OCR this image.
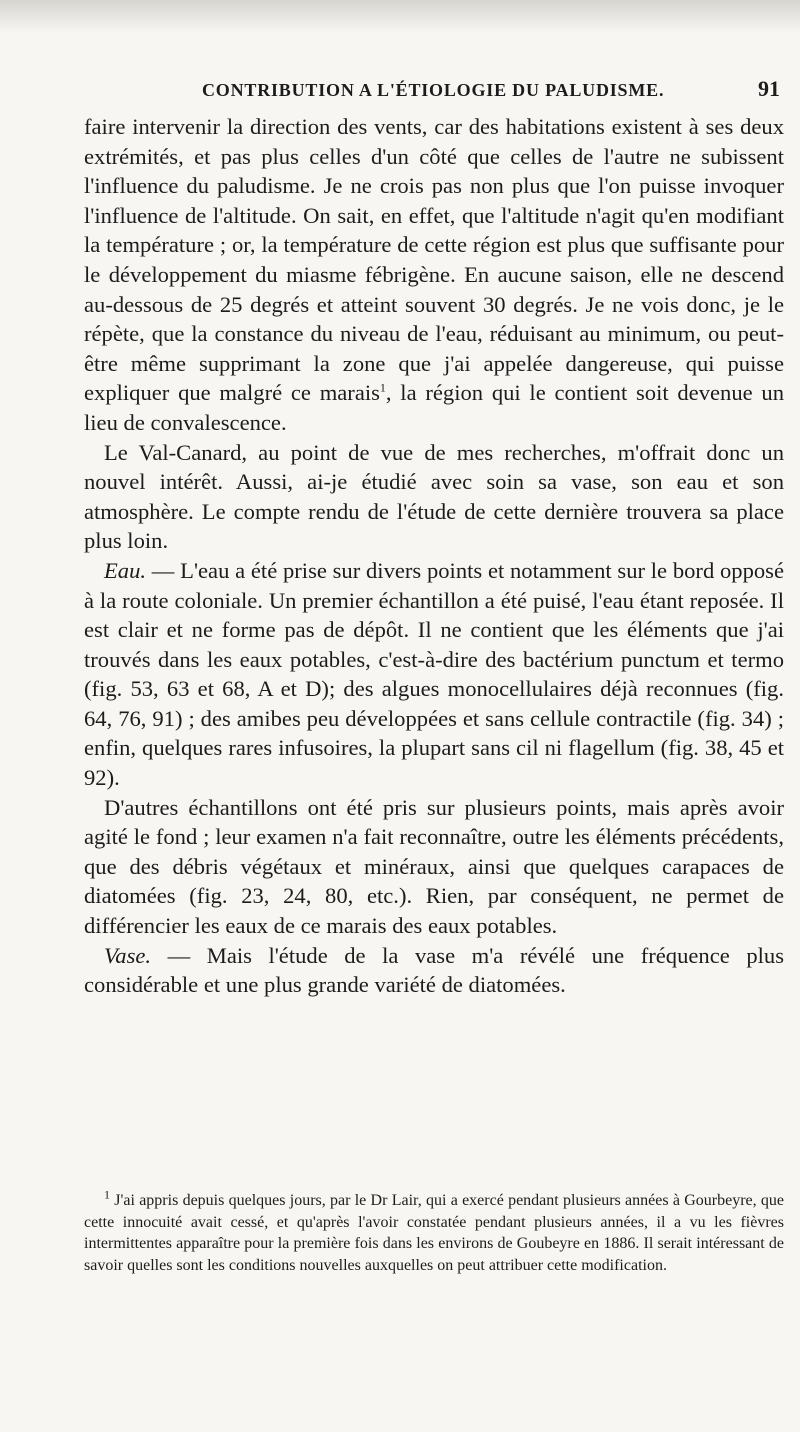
CONTRIBUTION A L'ÉTIOLOGIE DU PALUDISME.	91

faire intervenir la direction des vents, car des habitations existent à ses deux extrémités, et pas plus celles d'un côté que celles de l'autre ne subissent l'influence du paludisme. Je ne crois pas non plus que l'on puisse invoquer l'influence de l'altitude. On sait, en effet, que l'altitude n'agit qu'en modifiant la température ; or, la température de cette région est plus que suffisante pour le développement du miasme fébrigène. En aucune saison, elle ne descend au-dessous de 25 degrés et atteint souvent 30 degrés. Je ne vois donc, je le répète, que la constance du niveau de l'eau, réduisant au minimum, ou peut-être même supprimant la zone que j'ai appelée dangereuse, qui puisse expliquer que malgré ce marais$^1$, la région qui le contient soit devenue un lieu de convalescence.

Le Val-Canard, au point de vue de mes recherches, m'offrait donc un nouvel intérêt. Aussi, ai-je étudié avec soin sa vase, son eau et son atmosphère. Le compte rendu de l'étude de cette dernière trouvera sa place plus loin.

Eau. — L'eau a été prise sur divers points et notamment sur le bord opposé à la route coloniale. Un premier échantillon a été puisé, l'eau étant reposée. Il est clair et ne forme pas de dépôt. Il ne contient que les éléments que j'ai trouvés dans les eaux potables, c'est-à-dire des bactérium punctum et termo (fig. 53, 63 et 68, A et D); des algues monocellulaires déjà reconnues (fig. 64, 76, 91) ; des amibes peu développées et sans cellule contractile (fig. 34) ; enfin, quelques rares infusoires, la plupart sans cil ni flagellum (fig. 38, 45 et 92).

D'autres échantillons ont été pris sur plusieurs points, mais après avoir agité le fond ; leur examen n'a fait reconnaître, outre les éléments précédents, que des débris végétaux et minéraux, ainsi que quelques carapaces de diatomées (fig. 23, 24, 80, etc.). Rien, par conséquent, ne permet de différencier les eaux de ce marais des eaux potables.

Vase. — Mais l'étude de la vase m'a révélé une fréquence plus considérable et une plus grande variété de diatomées.

$^1$ J'ai appris depuis quelques jours, par le Dr Lair, qui a exercé pendant plusieurs années à Gourbeyre, que cette innocuité avait cessé, et qu'après l'avoir constatée pendant plusieurs années, il a vu les fièvres intermittentes apparaître pour la première fois dans les environs de Goubeyre en 1886. Il serait intéressant de savoir quelles sont les conditions nouvelles auxquelles on peut attribuer cette modification.
